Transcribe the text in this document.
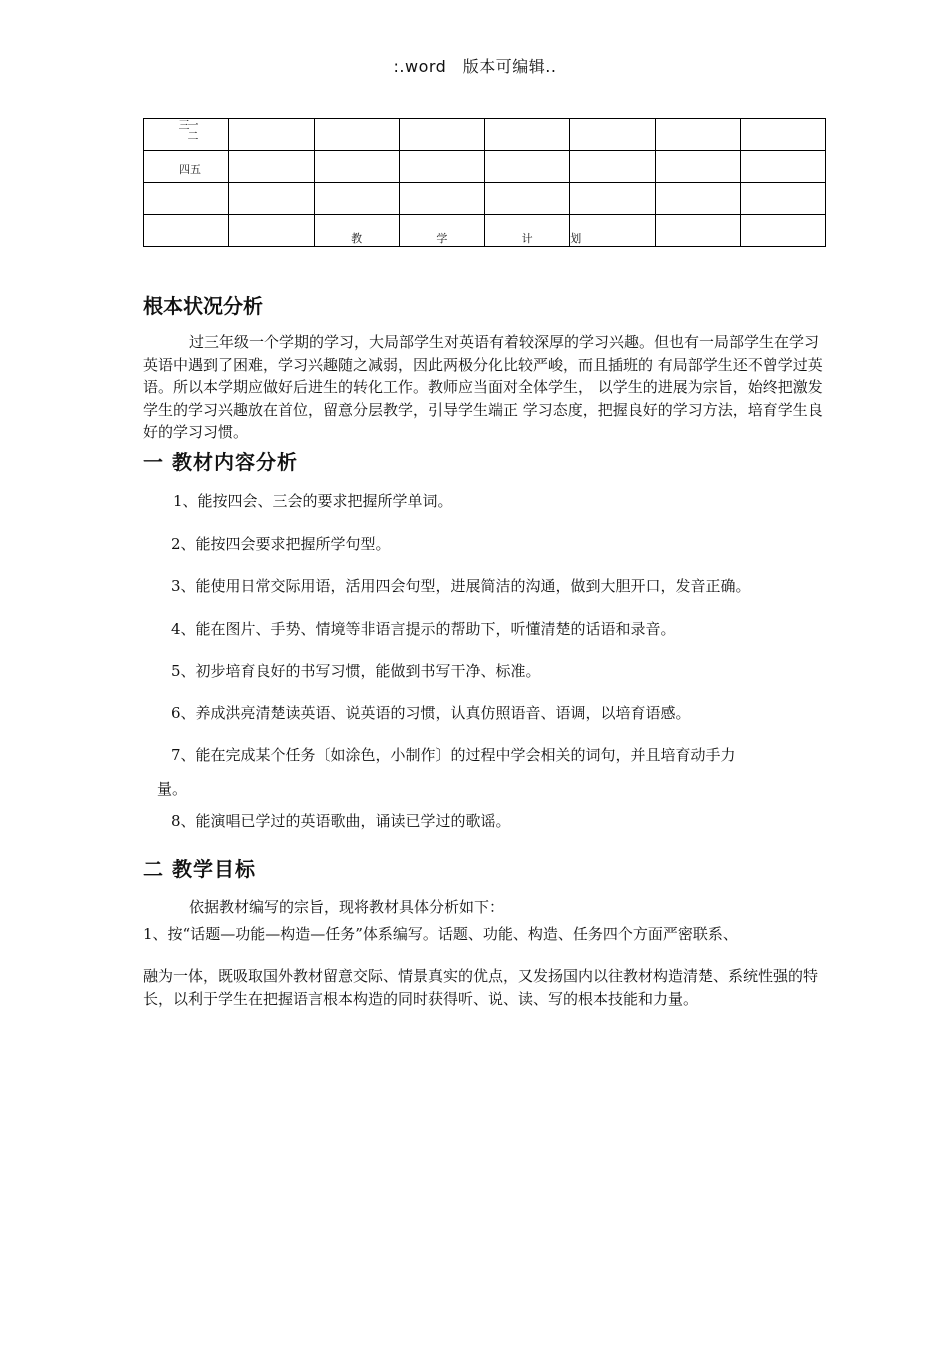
:.word　版本可编辑..
一二三							

四五							

		教	学	计	划		
根本状况分析
过三年级一个学期的学习，大局部学生对英语有着较深厚的学习兴趣。但也有一局部学生在学习英语中遇到了困难，学习兴趣随之减弱，因此两极分化比较严峻，而且插班的 有局部学生还不曾学过英语。所以本学期应做好后进生的转化工作。教师应当面对全体学生， 以学生的进展为宗旨，始终把激发学生的学习兴趣放在首位，留意分层教学，引导学生端正 学习态度，把握良好的学习方法，培育学生良好的学习习惯。
一 教材内容分析
1、能按四会、三会的要求把握所学单词。
2、能按四会要求把握所学句型。
3、能使用日常交际用语，活用四会句型，进展简洁的沟通，做到大胆开口，发音正确。
4、能在图片、手势、情境等非语言提示的帮助下，听懂清楚的话语和录音。
5、初步培育良好的书写习惯，能做到书写干净、标准。
6、养成洪亮清楚读英语、说英语的习惯，认真仿照语音、语调，以培育语感。
7、能在完成某个任务〔如涂色，小制作〕的过程中学会相关的词句，并且培育动手力
量。
8、能演唱已学过的英语歌曲，诵读已学过的歌谣。
二 教学目标
依据教材编写的宗旨，现将教材具体分析如下：
1、按“话题—功能—构造—任务”体系编写。话题、功能、构造、任务四个方面严密联系、
融为一体，既吸取国外教材留意交际、情景真实的优点，又发扬国内以往教材构造清楚、系统性强的特长，以利于学生在把握语言根本构造的同时获得听、说、读、写的根本技能和力量。
